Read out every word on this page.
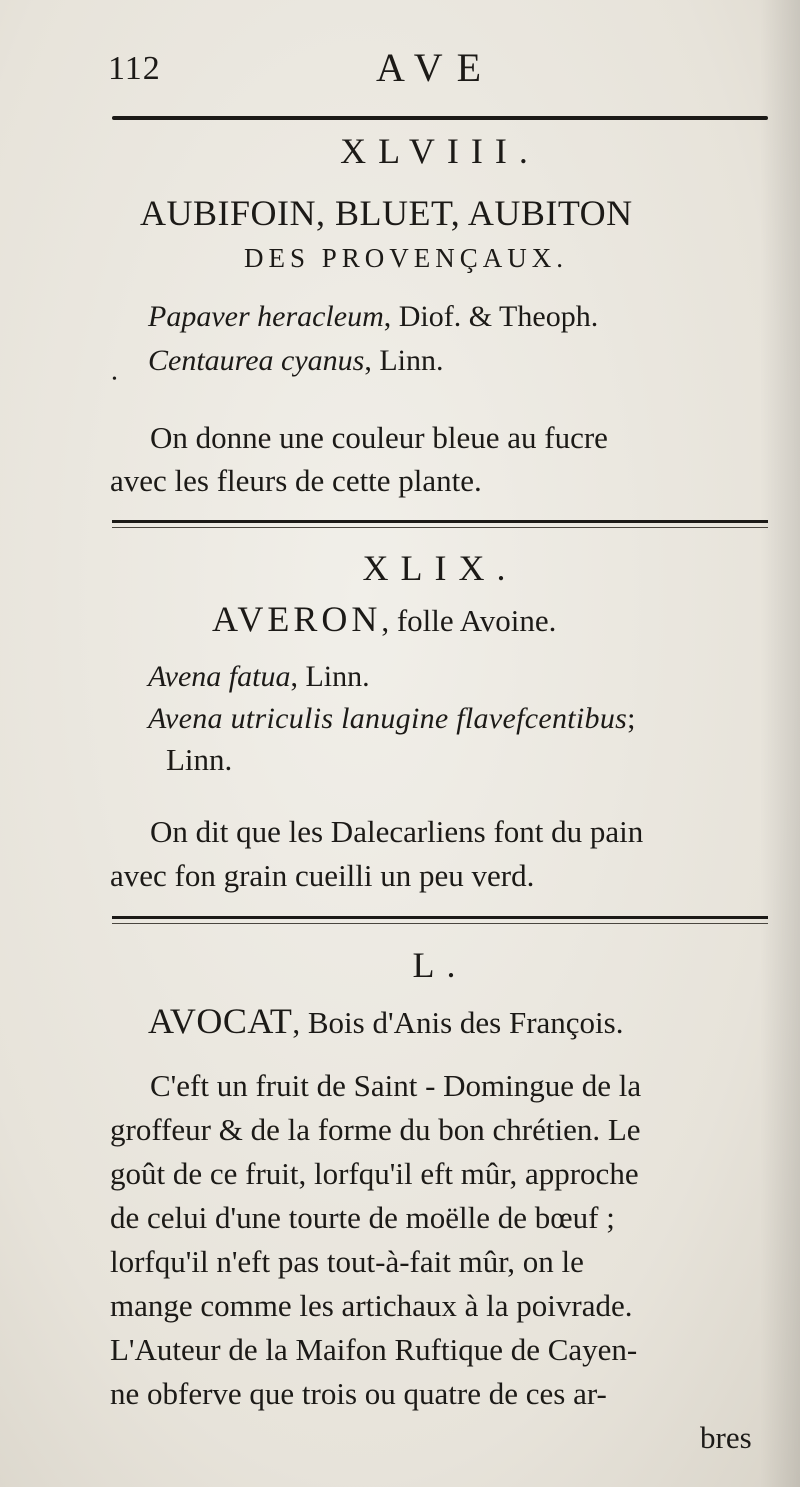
112	AVE
XLVIII.
AUBIFOIN, BLUET, AUBITON
DES PROVENÇAUX.
Papaver heracleum, Diof. & Theoph.
Centaurea cyanus, Linn.
•
On donne une couleur bleue au fucre
avec les fleurs de cette plante.
XLIX.
AVERON, folle Avoine.
Avena fatua, Linn.
Avena utriculis lanugine flavefcentibus;
Linn.
On dit que les Dalecarliens font du pain
avec fon grain cueilli un peu verd.
L.
AVOCAT, Bois d'Anis des François.
C'eft un fruit de Saint - Domingue de la
groffeur & de la forme du bon chrétien. Le
goût de ce fruit, lorfqu'il eft mûr, approche
de celui d'une tourte de moëlle de bœuf ;
lorfqu'il n'eft pas tout-à-fait mûr, on le
mange comme les artichaux à la poivrade.
L'Auteur de la Maifon Ruftique de Cayen-
ne obferve que trois ou quatre de ces ar-
bres
